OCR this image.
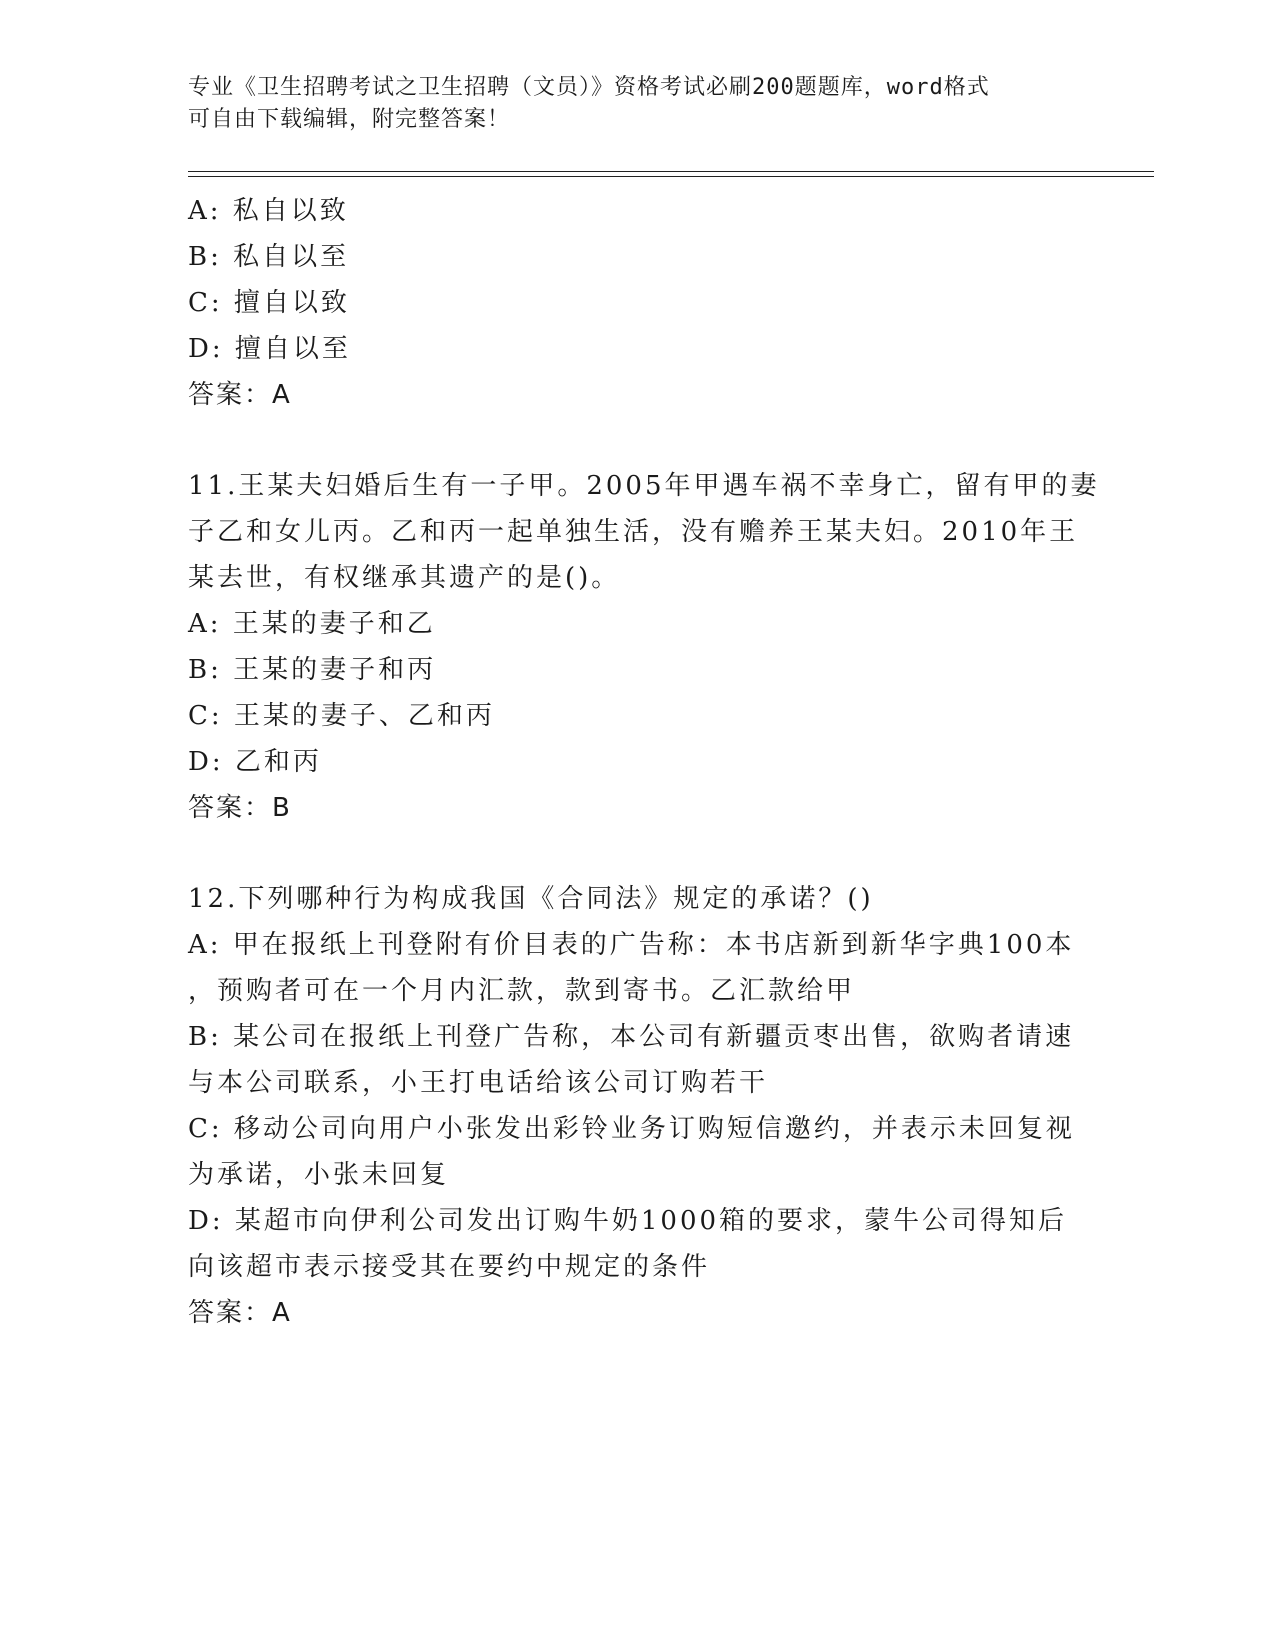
专业《卫生招聘考试之卫生招聘（文员）》资格考试必刷200题题库，word格式
可自由下载编辑，附完整答案！
A: 私自以致
B: 私自以至
C: 擅自以致
D: 擅自以至
答案：A
11.王某夫妇婚后生有一子甲。2005年甲遇车祸不幸身亡，留有甲的妻
子乙和女儿丙。乙和丙一起单独生活，没有赡养王某夫妇。2010年王
某去世，有权继承其遗产的是()。
A: 王某的妻子和乙
B: 王某的妻子和丙
C: 王某的妻子、乙和丙
D: 乙和丙
答案：B
12.下列哪种行为构成我国《合同法》规定的承诺？()
A: 甲在报纸上刊登附有价目表的广告称：本书店新到新华字典100本
，预购者可在一个月内汇款，款到寄书。乙汇款给甲
B: 某公司在报纸上刊登广告称，本公司有新疆贡枣出售，欲购者请速
与本公司联系，小王打电话给该公司订购若干
C: 移动公司向用户小张发出彩铃业务订购短信邀约，并表示未回复视
为承诺，小张未回复
D: 某超市向伊利公司发出订购牛奶1000箱的要求，蒙牛公司得知后
向该超市表示接受其在要约中规定的条件
答案：A
